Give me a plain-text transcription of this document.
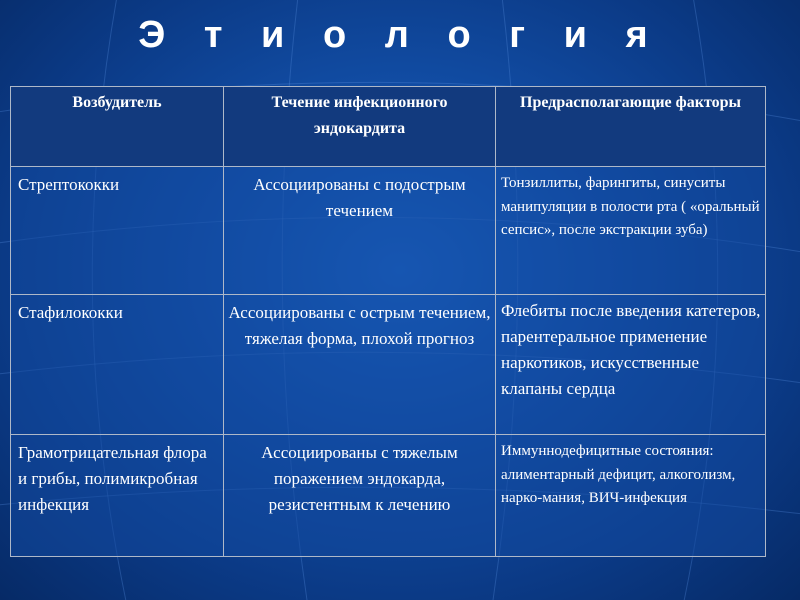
Э т и о л о г и я
Возбудитель	Течение инфекционного эндокардита	Предрасполагающие факторы
Стрептококки	Ассоциированы с подострым течением	Тонзиллиты, фарингиты, синуситы манипуляции в полости рта ( «оральный сепсис», после экстракции зуба)
Стафилококки	Ассоциированы с острым течением, тяжелая форма, плохой прогноз	Флебиты после введения катетеров, парентеральное применение наркотиков, искусственные клапаны сердца
Грамотрицательная флора и грибы, полимикробная инфекция	Ассоциированы с тяжелым поражением эндокарда, резистентным к лечению	Иммуннодефицитные состояния: алиментарный дефицит, алкоголизм, нарко-мания, ВИЧ-инфекция
